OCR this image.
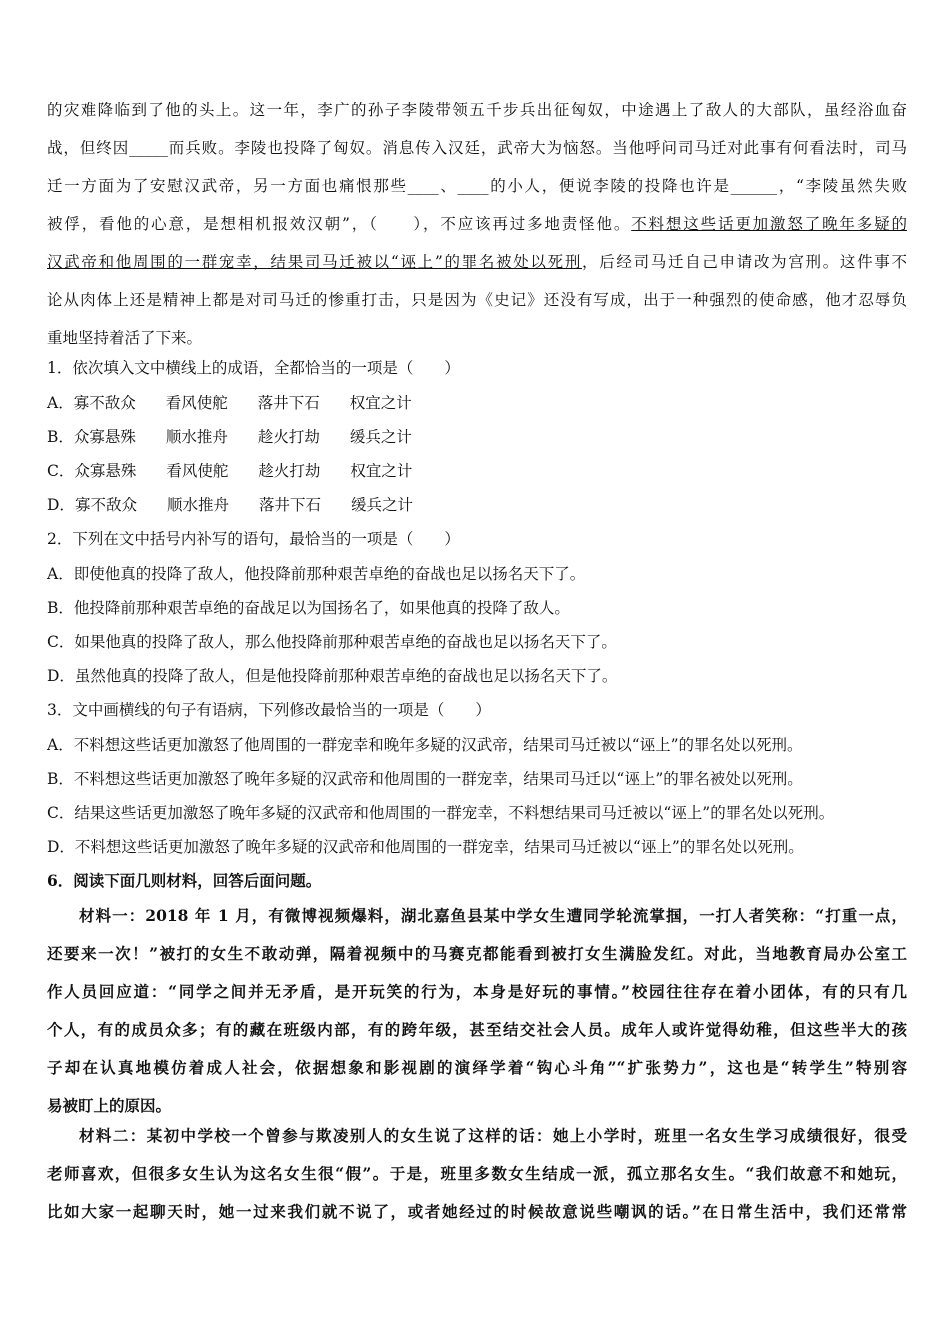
的灾难降临到了他的头上。这一年，李广的孙子李陵带领五千步兵出征匈奴，中途遇上了敌人的大部队，虽经浴血奋
战，但终因_____而兵败。李陵也投降了匈奴。消息传入汉廷，武帝大为恼怒。当他呼问司马迁对此事有何看法时，司马
迁一方面为了安慰汉武帝，另一方面也痛恨那些____、____的小人，便说李陵的投降也许是______，“李陵虽然失败
被俘，看他的心意，是想相机报效汉朝”，（　　），不应该再过多地责怪他。不料想这些话更加激怒了晚年多疑的
汉武帝和他周围的一群宠幸，结果司马迁被以“诬上”的罪名被处以死刑，后经司马迁自己申请改为宫刑。这件事不
论从肉体上还是精神上都是对司马迁的惨重打击，只是因为《史记》还没有写成，出于一种强烈的使命感，他才忍辱负
重地坚持着活了下来。
1．依次填入文中横线上的成语，全都恰当的一项是（　　）
A．寡不敌众 看风使舵 落井下石 权宜之计
B．众寡悬殊 顺水推舟 趁火打劫 缓兵之计
C．众寡悬殊 看风使舵 趁火打劫 权宜之计
D．寡不敌众 顺水推舟 落井下石 缓兵之计
2．下列在文中括号内补写的语句，最恰当的一项是（　　）
A．即使他真的投降了敌人，他投降前那种艰苦卓绝的奋战也足以扬名天下了。
B．他投降前那种艰苦卓绝的奋战足以为国扬名了，如果他真的投降了敌人。
C．如果他真的投降了敌人，那么他投降前那种艰苦卓绝的奋战也足以扬名天下了。
D．虽然他真的投降了敌人，但是他投降前那种艰苦卓绝的奋战也足以扬名天下了。
3．文中画横线的句子有语病，下列修改最恰当的一项是（　　）
A．不料想这些话更加激怒了他周围的一群宠幸和晚年多疑的汉武帝，结果司马迁被以“诬上”的罪名处以死刑。
B．不料想这些话更加激怒了晚年多疑的汉武帝和他周围的一群宠幸，结果司马迁以“诬上”的罪名被处以死刑。
C．结果这些话更加激怒了晚年多疑的汉武帝和他周围的一群宠幸，不料想结果司马迁被以“诬上”的罪名处以死刑。
D．不料想这些话更加激怒了晚年多疑的汉武帝和他周围的一群宠幸，结果司马迁被以“诬上”的罪名处以死刑。
6．阅读下面几则材料，回答后面问题。
材料一：2018 年 1 月，有微博视频爆料，湖北嘉鱼县某中学女生遭同学轮流掌掴，一打人者笑称：“打重一点，
还要来一次！”被打的女生不敢动弹，隔着视频中的马赛克都能看到被打女生满脸发红。对此，当地教育局办公室工
作人员回应道：“同学之间并无矛盾，是开玩笑的行为，本身是好玩的事情。”校园往往存在着小团体，有的只有几
个人，有的成员众多；有的藏在班级内部，有的跨年级，甚至结交社会人员。成年人或许觉得幼稚，但这些半大的孩
子却在认真地模仿着成人社会，依据想象和影视剧的演绎学着“钩心斗角”“扩张势力”，这也是“转学生”特别容
易被盯上的原因。
材料二：某初中学校一个曾参与欺凌别人的女生说了这样的话：她上小学时，班里一名女生学习成绩很好，很受
老师喜欢，但很多女生认为这名女生很“假”。于是，班里多数女生结成一派，孤立那名女生。“我们故意不和她玩，
比如大家一起聊天时，她一过来我们就不说了，或者她经过的时候故意说些嘲讽的话。”在日常生活中，我们还常常
